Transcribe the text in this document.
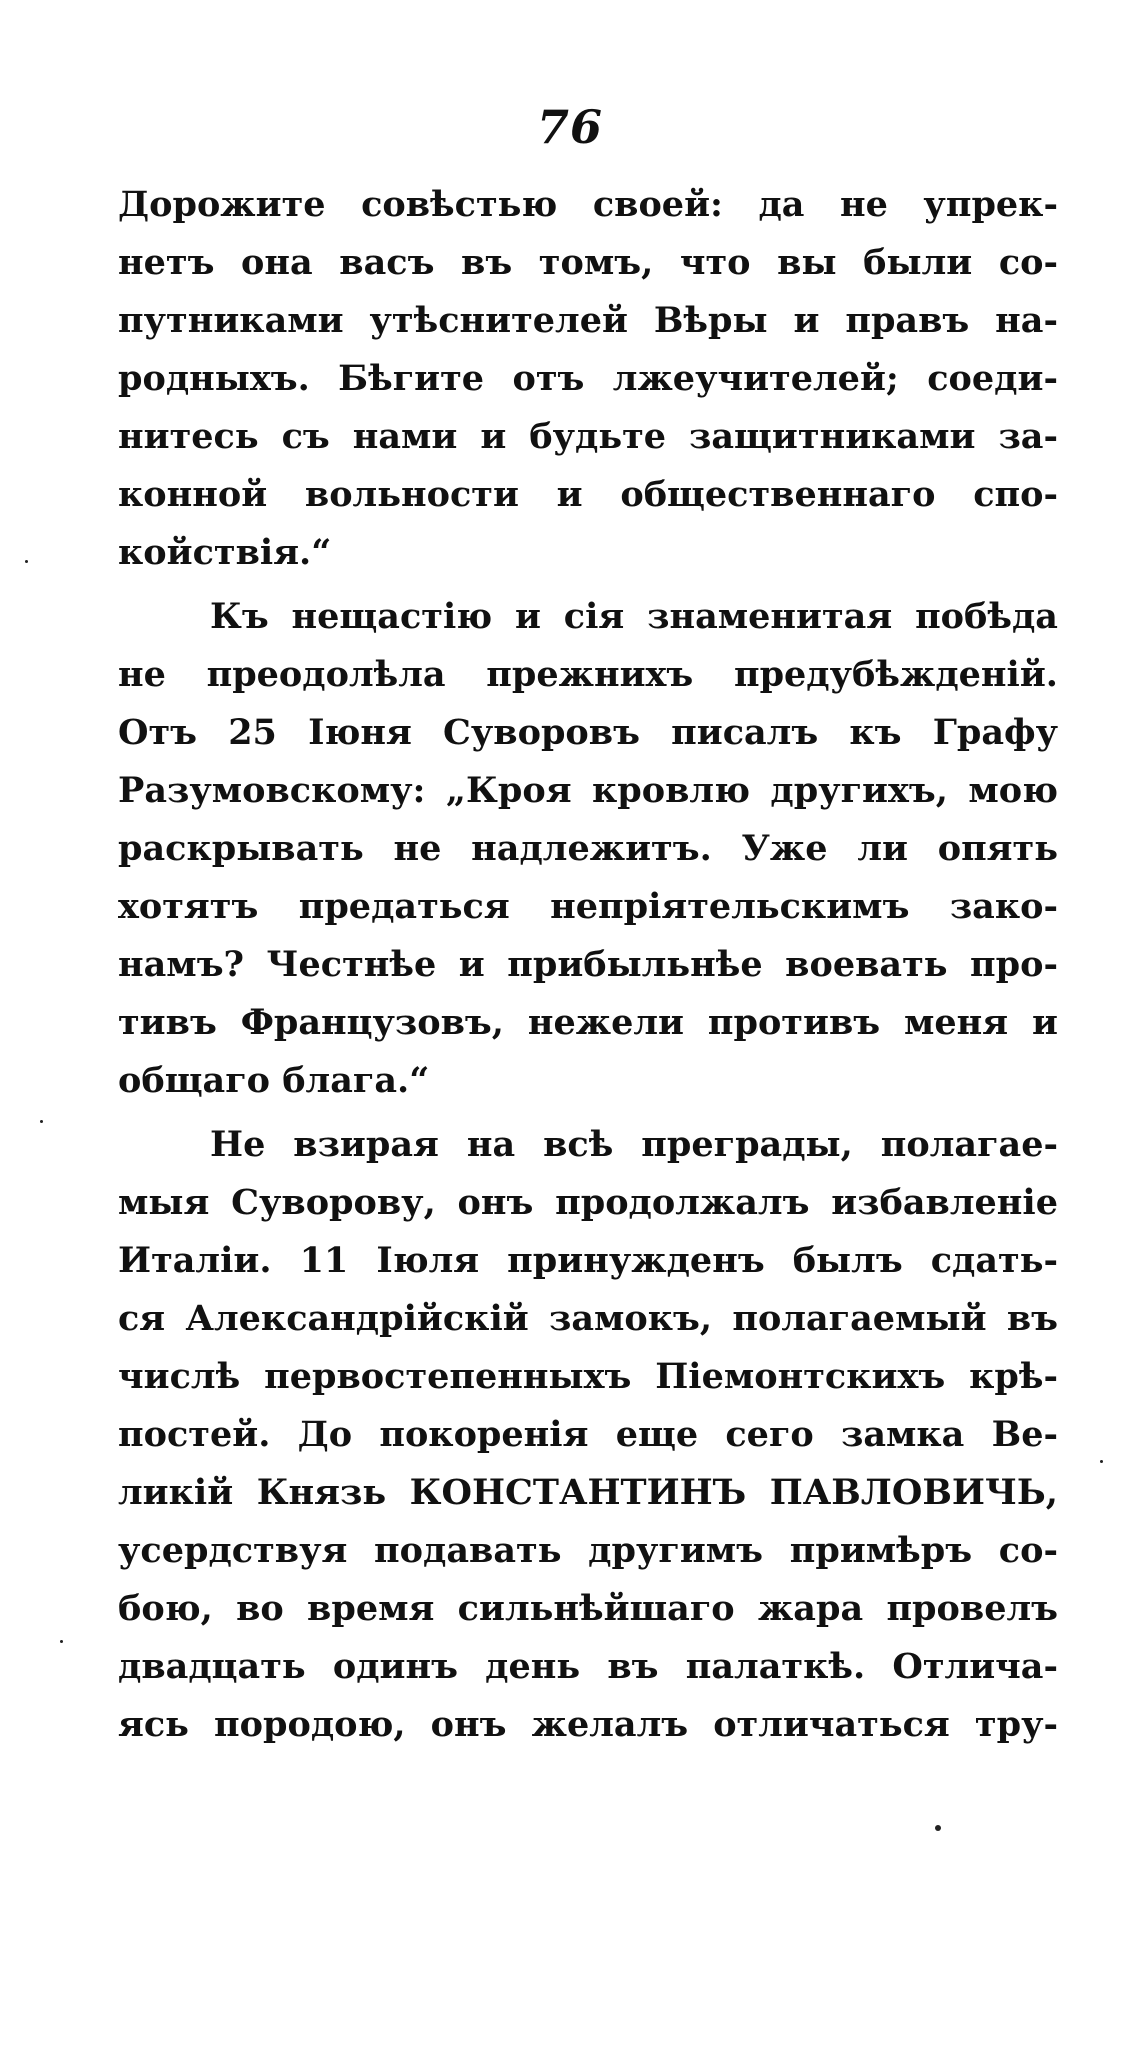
76
Дорожите совѣстью своей: да не упрек-
нетъ она васъ въ томъ, что вы были со-
путниками утѣснителей Вѣры и правъ на-
родныхъ. Бѣгите отъ лжеучителей; соеди-
нитесь съ нами и будьте защитниками за-
конной вольности и общественнаго спо-
койствія.“
Къ нещастію и сія знаменитая побѣда
не преодолѣла прежнихъ предубѣжденій.
Отъ 25 Іюня Суворовъ писалъ къ Графу
Разумовскому: „Кроя кровлю другихъ, мою
раскрывать не надлежитъ. Уже ли опять
хотятъ предаться непріятельскимъ зако-
намъ? Честнѣе и прибыльнѣе воевать про-
тивъ Французовъ, нежели противъ меня и
общаго блага.“
Не взирая на всѣ преграды, полагае-
мыя Суворову, онъ продолжалъ избавленіе
Италіи. 11 Іюля принужденъ былъ сдать-
ся Александрійскій замокъ, полагаемый въ
числѣ первостепенныхъ Піемонтскихъ крѣ-
постей. До покоренія еще сего замка Ве-
ликій Князь КОНСТАНТИНЪ ПАВЛОВИЧЬ,
усердствуя подавать другимъ примѣръ со-
бою, во время сильнѣйшаго жара провелъ
двадцать одинъ день въ палаткѣ. Отлича-
ясь породою, онъ желалъ отличаться тру-
